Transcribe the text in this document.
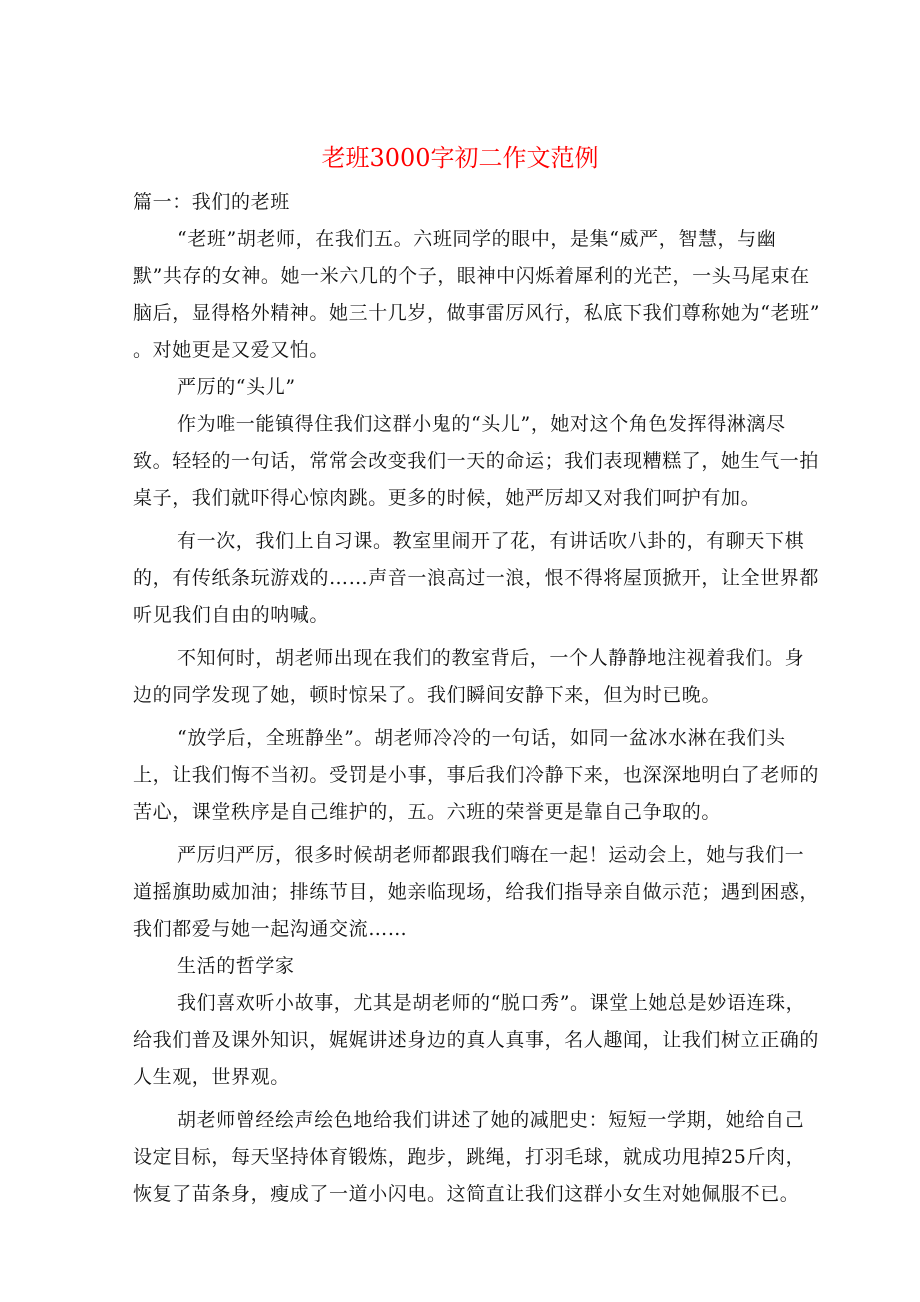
老班3000字初二作文范例
篇一：我们的老班
“老班”胡老师，在我们五。六班同学的眼中，是集“威严，智慧，与幽
默”共存的女神。她一米六几的个子，眼神中闪烁着犀利的光芒，一头马尾束在
脑后，显得格外精神。她三十几岁，做事雷厉风行，私底下我们尊称她为“老班”
。对她更是又爱又怕。
严厉的“头儿”
作为唯一能镇得住我们这群小鬼的“头儿”，她对这个角色发挥得淋漓尽
致。轻轻的一句话，常常会改变我们一天的命运；我们表现糟糕了，她生气一拍
桌子，我们就吓得心惊肉跳。更多的时候，她严厉却又对我们呵护有加。
有一次，我们上自习课。教室里闹开了花，有讲话吹八卦的，有聊天下棋
的，有传纸条玩游戏的……声音一浪高过一浪，恨不得将屋顶掀开，让全世界都
听见我们自由的呐喊。
不知何时，胡老师出现在我们的教室背后，一个人静静地注视着我们。身
边的同学发现了她，顿时惊呆了。我们瞬间安静下来，但为时已晚。
“放学后，全班静坐”。胡老师冷冷的一句话，如同一盆冰水淋在我们头
上，让我们悔不当初。受罚是小事，事后我们冷静下来，也深深地明白了老师的
苦心，课堂秩序是自己维护的，五。六班的荣誉更是靠自己争取的。
严厉归严厉，很多时候胡老师都跟我们嗨在一起！运动会上，她与我们一
道摇旗助威加油；排练节目，她亲临现场，给我们指导亲自做示范；遇到困惑，
我们都爱与她一起沟通交流……
生活的哲学家
我们喜欢听小故事，尤其是胡老师的“脱口秀”。课堂上她总是妙语连珠，
给我们普及课外知识，娓娓讲述身边的真人真事，名人趣闻，让我们树立正确的
人生观，世界观。
胡老师曾经绘声绘色地给我们讲述了她的减肥史：短短一学期，她给自己
设定目标，每天坚持体育锻炼，跑步，跳绳，打羽毛球，就成功甩掉25斤肉，
恢复了苗条身，瘦成了一道小闪电。这简直让我们这群小女生对她佩服不已。
